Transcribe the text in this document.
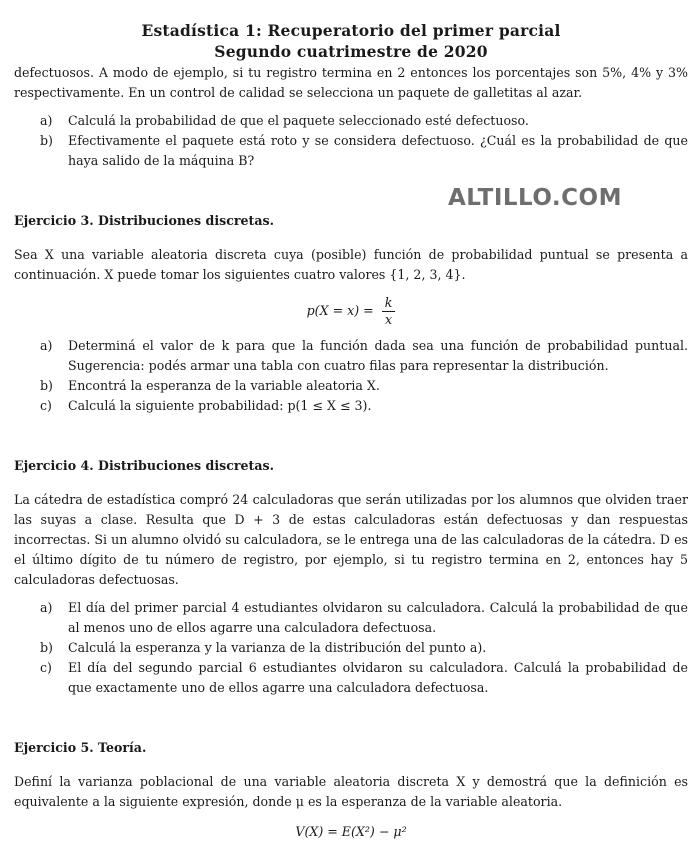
Estadística 1: Recuperatorio del primer parcial
Segundo cuatrimestre de 2020

defectuosos. A modo de ejemplo, si tu registro termina en 2 entonces los porcentajes son 5%, 4% y 3% respectivamente. En un control de calidad se selecciona un paquete de galletitas al azar.

a)	Calculá la probabilidad de que el paquete seleccionado esté defectuoso.
b)	Efectivamente el paquete está roto y se considera defectuoso. ¿Cuál es la probabilidad de que haya salido de la máquina B?
Ejercicio 3. Distribuciones discretas.

Sea X una variable aleatoria discreta cuya (posible) función de probabilidad puntual se presenta a continuación. X puede tomar los siguientes cuatro valores {1, 2, 3, 4}.

$p(X = x) = \frac{k}{x}$
a)	Determiná el valor de k para que la función dada sea una función de probabilidad puntual. Sugerencia: podés armar una tabla con cuatro filas para representar la distribución.
b)	Encontrá la esperanza de la variable aleatoria X.
c)	Calculá la siguiente probabilidad: p(1 ≤ X ≤ 3).
Ejercicio 4. Distribuciones discretas.

La cátedra de estadística compró 24 calculadoras que serán utilizadas por los alumnos que olviden traer las suyas a clase. Resulta que D + 3 de estas calculadoras están defectuosas y dan respuestas incorrectas. Si un alumno olvidó su calculadora, se le entrega una de las calculadoras de la cátedra. D es el último dígito de tu número de registro, por ejemplo, si tu registro termina en 2, entonces hay 5 calculadoras defectuosas.

a)	El día del primer parcial 4 estudiantes olvidaron su calculadora. Calculá la probabilidad de que al menos uno de ellos agarre una calculadora defectuosa.
b)	Calculá la esperanza y la varianza de la distribución del punto a).
c)	El día del segundo parcial 6 estudiantes olvidaron su calculadora. Calculá la probabilidad de que exactamente uno de ellos agarre una calculadora defectuosa.
Ejercicio 5. Teoría.

Definí la varianza poblacional de una variable aleatoria discreta X y demostrá que la definición es equivalente a la siguiente expresión, donde μ es la esperanza de la variable aleatoria.

V(X) = E(X²) − μ²
ALTILLO.COM
